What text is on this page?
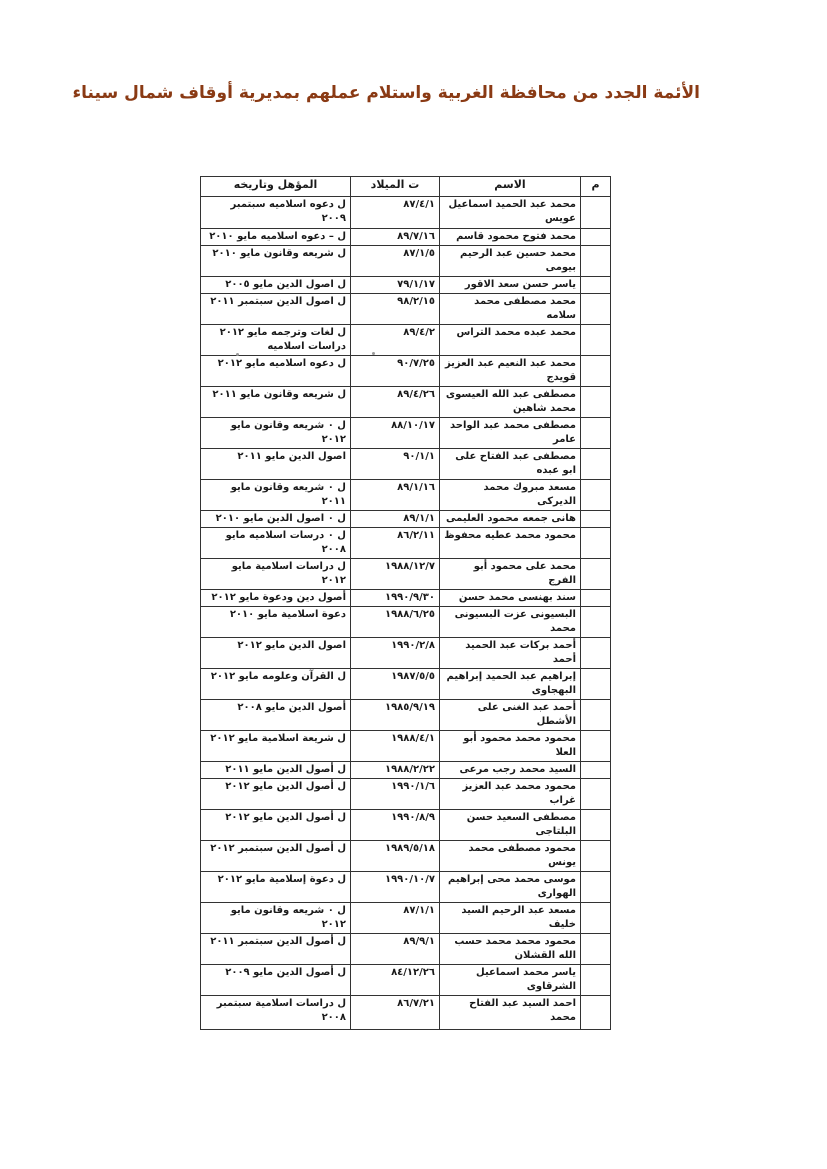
الأئمة الجدد من محافظة الغربية واستلام عملهم بمديرية أوقاف شمال سيناء
م	الاسم	ت الميلاد	المؤهل وتاريخه
	محمد عبد الحميد اسماعيل عويس	٨٧/٤/١	ل دعوه اسلاميه سبتمبر ٢٠٠٩
	محمد فتوح محمود قاسم	٨٩/٧/١٦	ل – دعوه اسلاميه مايو ٢٠١٠
	محمد حسين عبد الرحيم بيومى	٨٧/١/٥	ل شريعه وقانون مايو ٢٠١٠
	ياسر حسن سعد الاقور	٧٩/١/١٧	ل اصول الدين مايو ٢٠٠٥
	محمد مصطفى محمد سلامه	٩٨/٢/١٥	ل اصول الدين سبتمبر ٢٠١١
	محمد عبده محمد التراس	٨٩/٤/٢	ل لغات وترجمه مايو ٢٠١٢ دراسات اسلاميه
	محمد عبد النعيم عبد العزيز قويدج	٩٠/٧/٢٥	ل دعوه اسلاميه مايو ٢٠١٢
	مصطفى عبد الله العيسوى محمد شاهين	٨٩/٤/٢٦	ل شريعه وقانون مايو ٢٠١١
	مصطفى محمد عبد الواحد عامر	٨٨/١٠/١٧	ل ٠ شريعه وقانون مايو ٢٠١٢
	مصطفى عبد الفتاح على ابو عبده	٩٠/١/١	اصول الدين مايو ٢٠١١
	مسعد مبروك محمد الديركى	٨٩/١/١٦	ل ٠ شريعه وقانون مايو ٢٠١١
	هانى جمعه محمود العليمى	٨٩/١/١	ل ٠ اصول الدين مايو ٢٠١٠
	محمود محمد عطيه محفوظ	٨٦/٢/١١	ل ٠ درسات اسلاميه مايو ٢٠٠٨
	محمد على محمود أبو الفرج	١٩٨٨/١٢/٧	ل دراسات اسلامية مايو ٢٠١٢
	سند بهنسى محمد حسن	١٩٩٠/٩/٣٠	أصول دين ودعوة مايو ٢٠١٢
	البسيونى عزت البسيونى محمد	١٩٨٨/٦/٢٥	دعوة اسلامية مايو ٢٠١٠
	أحمد بركات عبد الحميد أحمد	١٩٩٠/٢/٨	اصول الدين مايو ٢٠١٢
	إبراهيم عبد الحميد إبراهيم البهجاوى	١٩٨٧/٥/٥	ل القرآن وعلومه مايو ٢٠١٢
	أحمد عبد الغنى على الأشطل	١٩٨٥/٩/١٩	أصول الدين مايو ٢٠٠٨
	محمود محمد محمود أبو العلا	١٩٨٨/٤/١	ل شريعة اسلامية مايو ٢٠١٢
	السيد محمد رجب مرعى	١٩٨٨/٢/٢٢	ل أصول الدين مايو ٢٠١١
	محمود محمد عبد العزيز غراب	١٩٩٠/١/٦	ل أصول الدين مايو ٢٠١٢
	مصطفى السعيد حسن البلتاجى	١٩٩٠/٨/٩	ل أصول الدين مايو ٢٠١٢
	محمود مصطفى محمد يونس	١٩٨٩/٥/١٨	ل أصول الدين سبتمبر ٢٠١٢
	موسى محمد محى إبراهيم الهوارى	١٩٩٠/١٠/٧	ل دعوة إسلامية مايو ٢٠١٢
	مسعد عبد الرحيم السيد خليف	٨٧/١/١	ل ٠ شريعه وقانون مايو ٢٠١٢
	محمود محمد محمد حسب الله القشلان	٨٩/٩/١	ل أصول الدين سبتمبر ٢٠١١
	ياسر محمد اسماعيل الشرقاوى	٨٤/١٢/٢٦	ل أصول الدين مايو ٢٠٠٩
	احمد السيد عبد الفتاح محمد	٨٦/٧/٢١	ل دراسات اسلامية سبتمبر ٢٠٠٨
